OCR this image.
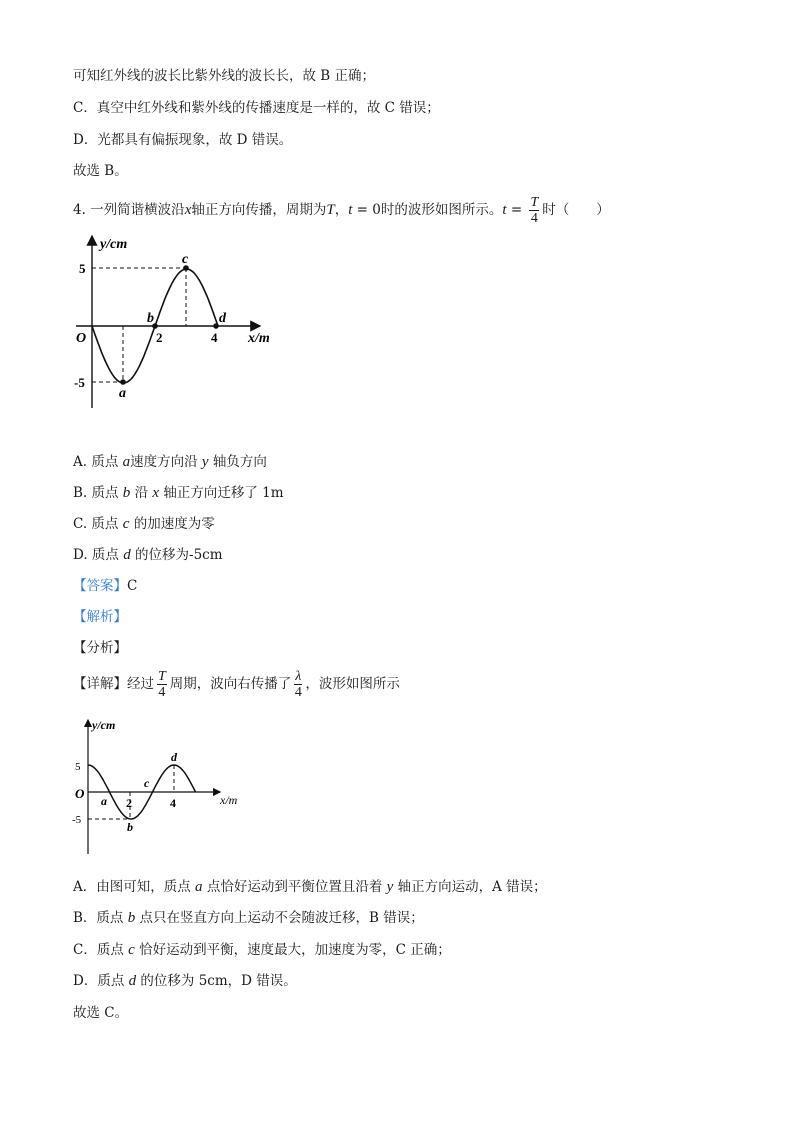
可知红外线的波长比紫外线的波长长，故 B 正确；
C．真空中红外线和紫外线的传播速度是一样的，故 C 错误；
D．光都具有偏振现象，故 D 错误。
故选 B。
4. 一列简谐横波沿x轴正方向传播，周期为T，t = 0时的波形如图所示。$t = \frac{T}{4}$ 时（　　）
y/cm
x/m
O
5
-5
2	4
a
b
c
d
A. 质点 a速度方向沿 y 轴负方向
B. 质点 b 沿 x 轴正方向迁移了 1m
C. 质点 c 的加速度为零
D. 质点 d 的位移为-5cm
【答案】C
【解析】
【分析】
【详解】经过 $\frac{T}{4}$ 周期，波向右传播了 $\frac{\lambda}{4}$ ，波形如图所示
y/cm
x/m
O
5
-5
2	4
a
b
c
d
A．由图可知，质点 a 点恰好运动到平衡位置且沿着 y 轴正方向运动，A 错误；
B．质点 b 点只在竖直方向上运动不会随波迁移，B 错误；
C．质点 c 恰好运动到平衡，速度最大，加速度为零，C 正确；
D．质点 d 的位移为 5cm，D 错误。
故选 C。
